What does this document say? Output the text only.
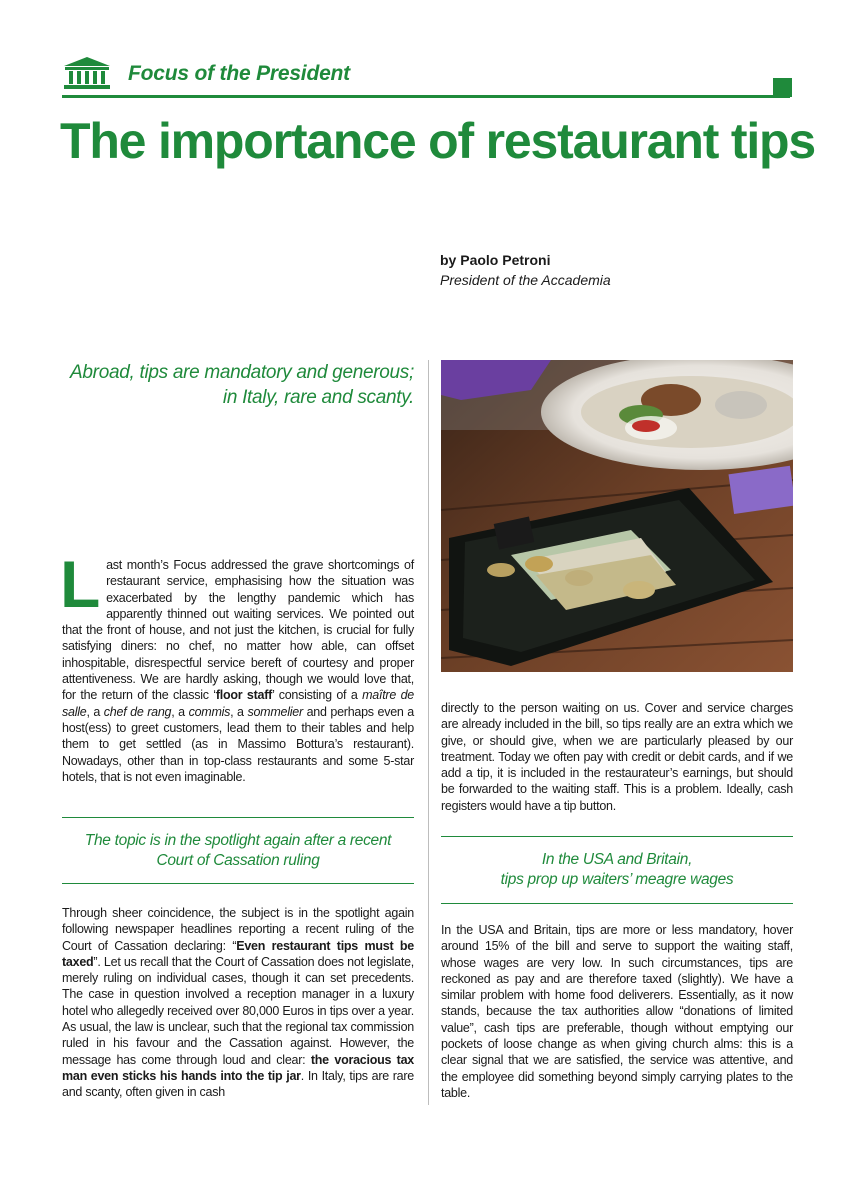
Focus of the President
The importance of restaurant tips
by Paolo Petroni
President of the Accademia
Abroad, tips are mandatory and generous;
in Italy, rare and scanty.
Last month’s Focus addressed the grave shortcomings of restaurant service, emphasising how the situation was exacerbated by the lengthy pandemic which has apparently thinned out waiting services. We pointed out that the front of house, and not just the kitchen, is crucial for fully satisfying diners: no chef, no matter how able, can offset inhospitable, disrespectful service bereft of courtesy and proper attentiveness. We are hardly asking, though we would love that, for the return of the classic ‘floor staff’ consisting of a maître de salle, a chef de rang, a commis, a sommelier and perhaps even a host(ess) to greet customers, lead them to their tables and help them to get settled (as in Massimo Bottura’s restaurant). Nowadays, other than in top-class restaurants and some 5-star hotels, that is not even imaginable.
The topic is in the spotlight again after a recent
Court of Cassation ruling
Through sheer coincidence, the subject is in the spotlight again following newspaper headlines reporting a recent ruling of the Court of Cassation declaring: “Even restaurant tips must be taxed”. Let us recall that the Court of Cassation does not legislate, merely ruling on individual cases, though it can set precedents. The case in question involved a reception manager in a luxury hotel who allegedly received over 80,000 Euros in tips over a year. As usual, the law is unclear, such that the regional tax commission ruled in his favour and the Cassation against. However, the message has come through loud and clear: the voracious tax man even sticks his hands into the tip jar. In Italy, tips are rare and scanty, often given in cash
directly to the person waiting on us. Cover and service charges are already included in the bill, so tips really are an extra which we give, or should give, when we are particularly pleased by our treatment. Today we often pay with credit or debit cards, and if we add a tip, it is included in the restaurateur’s earnings, but should be forwarded to the waiting staff. This is a problem. Ideally, cash registers would have a tip button.
In the USA and Britain,
tips prop up waiters’ meagre wages
In the USA and Britain, tips are more or less mandatory, hover around 15% of the bill and serve to support the waiting staff, whose wages are very low. In such circumstances, tips are reckoned as pay and are therefore taxed (slightly). We have a similar problem with home food deliverers. Essentially, as it now stands, because the tax authorities allow “donations of limited value”, cash tips are preferable, though without emptying our pockets of loose change as when giving church alms: this is a clear signal that we are satisfied, the service was attentive, and the employee did something beyond simply carrying plates to the table.
